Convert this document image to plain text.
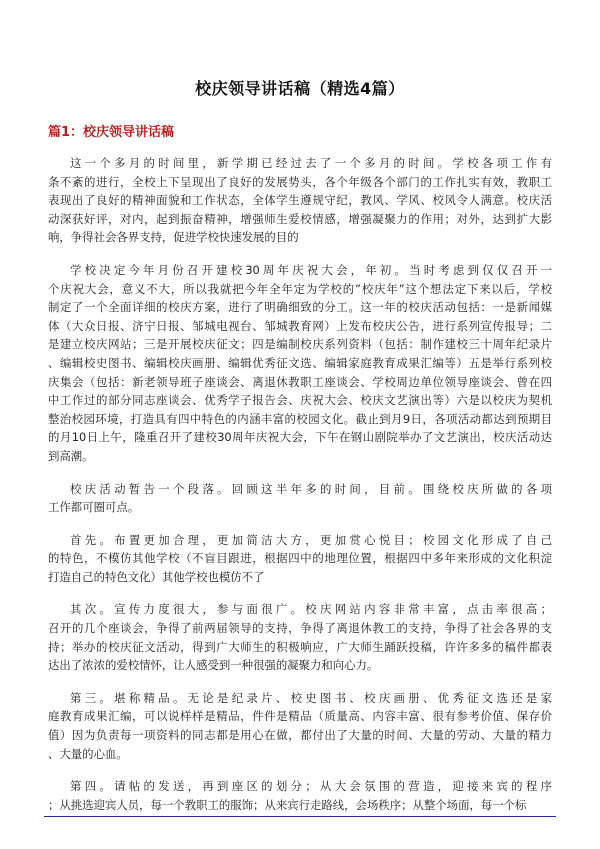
校庆领导讲话稿（精选4篇）
篇1：校庆领导讲话稿
这一个多月的时间里，新学期已经过去了一个多月的时间。学校各项工作有
条不紊的进行，全校上下呈现出了良好的发展势头，各个年级各个部门的工作扎实有效，教职工
表现出了良好的精神面貌和工作状态，全体学生遵规守纪，教风、学风、校风令人满意。校庆活
动深获好评，对内，起到振奋精神，增强师生爱校情感，增强凝聚力的作用；对外，达到扩大影
响，争得社会各界支持，促进学校快速发展的目的
学校决定今年月份召开建校30周年庆祝大会，年初。当时考虑到仅仅召开一
个庆祝大会，意义不大，所以我就把今年全年定为学校的”校庆年”这个想法定下来以后，学校
制定了一个全面详细的校庆方案，进行了明确细致的分工。这一年的校庆活动包括：一是新闻媒
体（大众日报、济宁日报、邹城电视台、邹城教育网）上发布校庆公告，进行系列宣传报导；二
是建立校庆网站；三是开展校庆征文；四是编制校庆系列资料（包括：制作建校三十周年纪录片
、编辑校史图书、编辑校庆画册、编辑优秀征文选、编辑家庭教育成果汇编等）五是举行系列校
庆集会（包括：新老领导班子座谈会、离退休教职工座谈会、学校周边单位领导座谈会、曾在四
中工作过的部分同志座谈会、优秀学子报告会、庆祝大会、校庆文艺演出等）六是以校庆为契机
整治校园环境，打造具有四中特色的内涵丰富的校园文化。截止到月9日，各项活动都达到预期目
的月10日上午，隆重召开了建校30周年庆祝大会，下午在钢山剧院举办了文艺演出，校庆活动达
到高潮。
校庆活动暂告一个段落。回顾这半年多的时间，目前。围绕校庆所做的各项
工作都可圈可点。
首先。布置更加合理，更加简洁大方，更加赏心悦目；校园文化形成了自己
的特色，不模仿其他学校（不盲目跟进，根据四中的地理位置，根据四中多年来形成的文化积淀
打造自己的特色文化）其他学校也模仿不了
其次。宣传力度很大，参与面很广。校庆网站内容非常丰富，点击率很高；
召开的几个座谈会，争得了前两届领导的支持，争得了离退休教工的支持，争得了社会各界的支
持；举办的校庆征文活动，得到广大师生的积极响应，广大师生踊跃投稿，许许多多的稿件都表
达出了浓浓的爱校情怀，让人感受到一种很强的凝聚力和向心力。
第三。堪称精品。无论是纪录片、校史图书、校庆画册、优秀征文选还是家
庭教育成果汇编，可以说样样是精品，件件是精品（质量高、内容丰富、很有参考价值、保存价
值）因为负责每一项资料的同志都是用心在做，都付出了大量的时间、大量的劳动、大量的精力
、大量的心血。
第四。请帖的发送，再到座区的划分；从大会氛围的营造，迎接来宾的程序
；从挑选迎宾人员，每一个教职工的服饰；从来宾行走路线，会场秩序；从整个场面，每一个标
